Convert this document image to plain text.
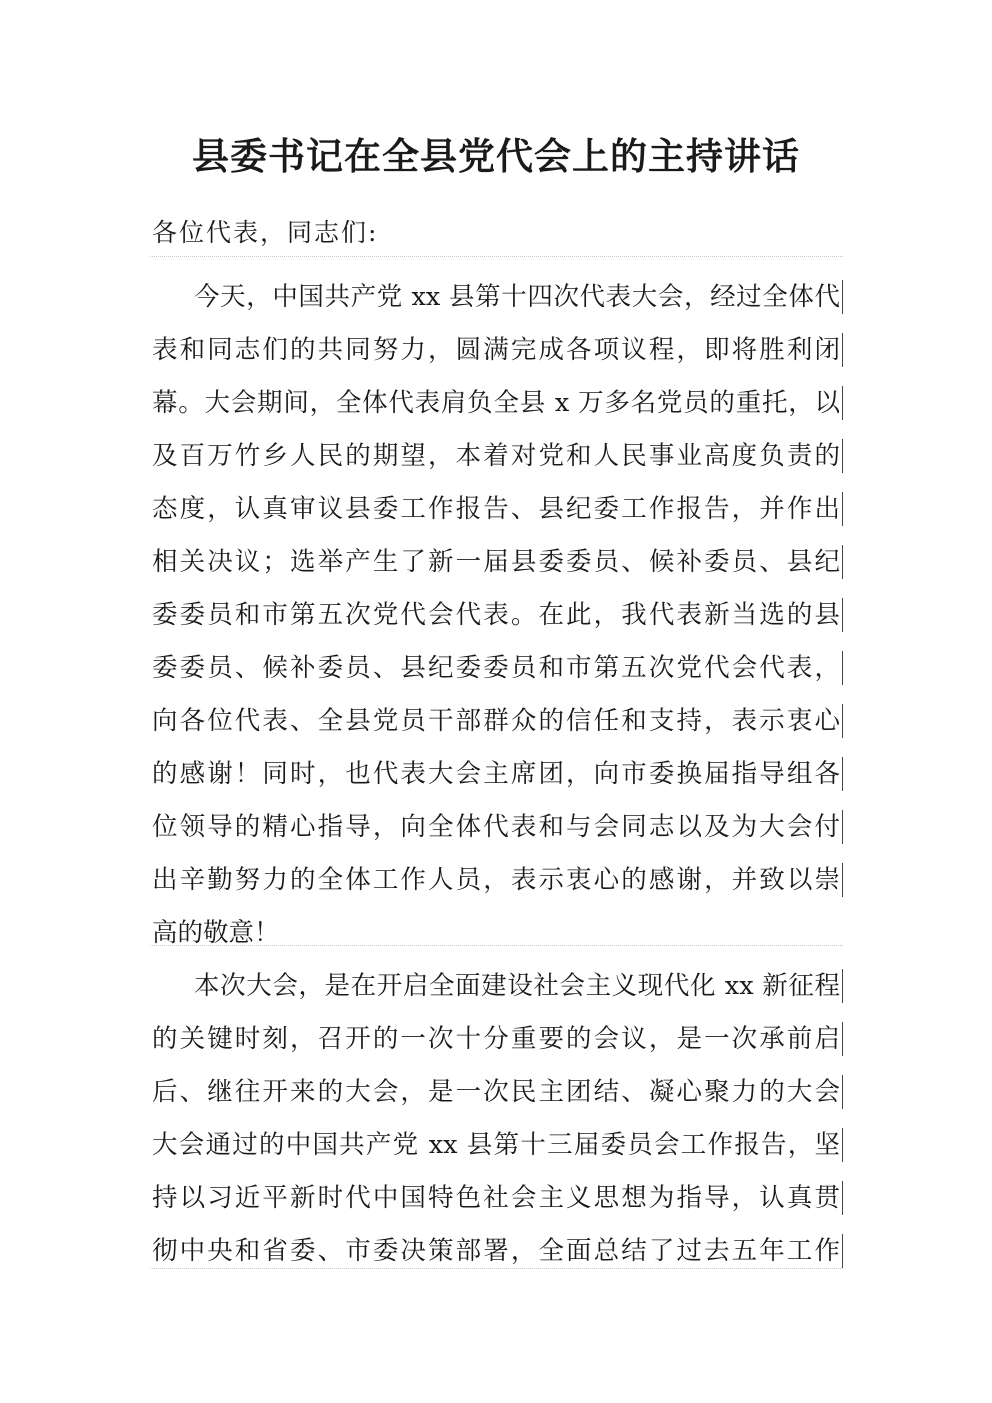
县委书记在全县党代会上的主持讲话
各位代表，同志们:
今天，中国共产党 xx 县第十四次代表大会，经过全体代
表和同志们的共同努力，圆满完成各项议程，即将胜利闭
幕。大会期间，全体代表肩负全县 x 万多名党员的重托，以
及百万竹乡人民的期望，本着对党和人民事业高度负责的
态度，认真审议县委工作报告、县纪委工作报告，并作出
相关决议；选举产生了新一届县委委员、候补委员、县纪
委委员和市第五次党代会代表。在此，我代表新当选的县
委委员、候补委员、县纪委委员和市第五次党代会代表，
向各位代表、全县党员干部群众的信任和支持，表示衷心
的感谢！同时，也代表大会主席团，向市委换届指导组各
位领导的精心指导，向全体代表和与会同志以及为大会付
出辛勤努力的全体工作人员，表示衷心的感谢，并致以崇
高的敬意！
本次大会，是在开启全面建设社会主义现代化 xx 新征程
的关键时刻，召开的一次十分重要的会议，是一次承前启
后、继往开来的大会，是一次民主团结、凝心聚力的大会
大会通过的中国共产党 xx 县第十三届委员会工作报告，坚
持以习近平新时代中国特色社会主义思想为指导，认真贯
彻中央和省委、市委决策部署，全面总结了过去五年工作
